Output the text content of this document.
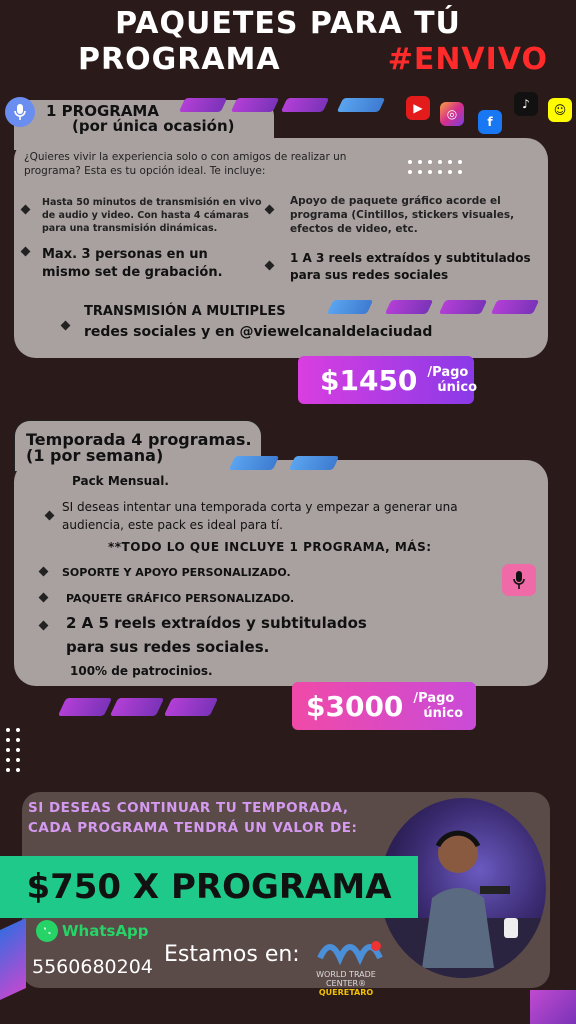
PAQUETES PARA TÚ
PROGRAMA	#ENVIVO
1 PROGRAMA
(por única ocasión)
▶	◎
f
♪	☺
¿Quieres vivir la experiencia solo o con amigos de realizar un programa? Esta es tu opción ideal. Te incluye:
Hasta 50 minutos de transmisión en vivo de audio y video. Con hasta 4 cámaras para una transmisión dinámicas.
Apoyo de paquete gráfico acorde el programa (Cintillos, stickers visuales, efectos de video, etc.
Max. 3 personas en un mismo set de grabación.
1 A 3 reels extraídos y subtitulados para sus redes sociales
TRANSMISIÓN A MULTIPLES
redes sociales y en @viewelcanaldelaciudad
$1450 /Pago
único
Temporada 4 programas.
(1 por semana)
Pack Mensual.
SI deseas intentar una temporada corta y empezar a generar una audiencia, este pack es ideal para tí.
**TODO LO QUE INCLUYE 1 PROGRAMA, MÁS:
SOPORTE Y APOYO PERSONALIZADO.
PAQUETE GRÁFICO PERSONALIZADO.
2 A 5 reels extraídos y subtitulados
para sus redes sociales.
100% de patrocinios.
$3000 /Pago
único
SI DESEAS CONTINUAR TU TEMPORADA,
CADA PROGRAMA TENDRÁ UN VALOR DE:
$750 X PROGRAMA
WhatsApp
5560680204 Estamos en:
WORLD TRADE
CENTER®
QUERETARO
